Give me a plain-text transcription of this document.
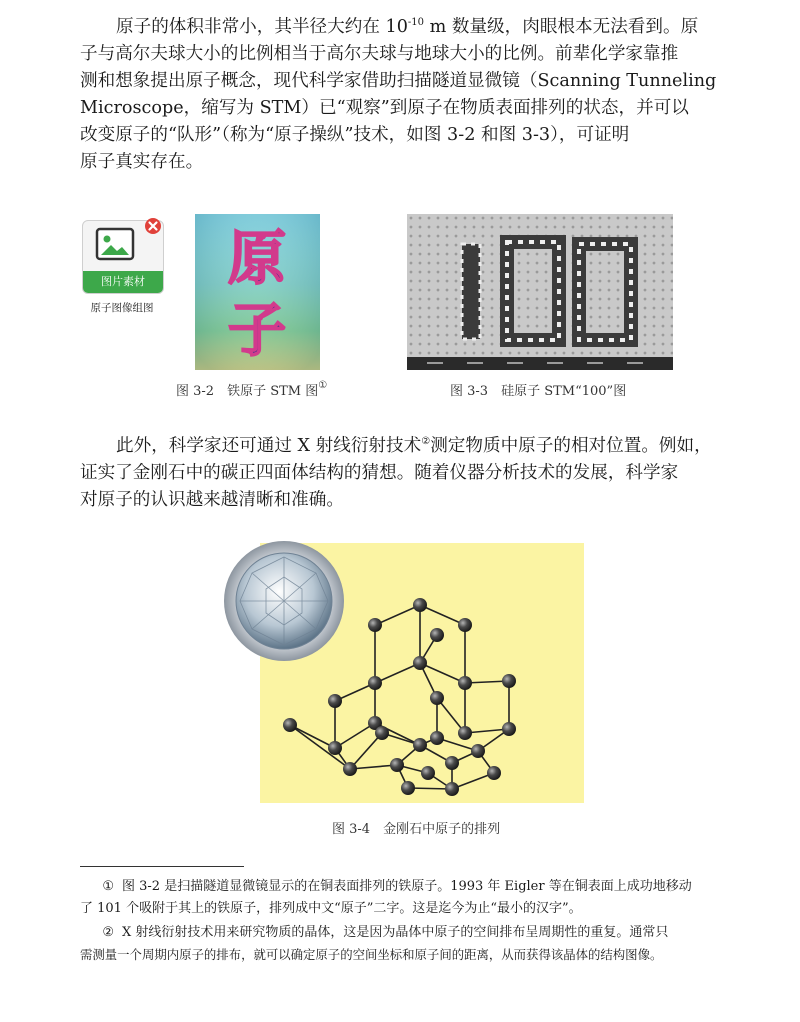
原子的体积非常小，其半径大约在 $10^{-10}$ m 数量级，肉眼根本无法看到。原
子与高尔夫球大小的比例相当于高尔夫球与地球大小的比例。前辈化学家靠推
测和想象提出原子概念，现代科学家借助扫描隧道显微镜（Scanning Tunneling
Microscope，缩写为 STM）已“观察”到原子在物质表面排列的状态，并可以
改变原子的“队形”（称为“原子操纵”技术，如图 3-2 和图 3-3），可证明
原子真实存在。
图片素材
原子图像组图
原
子
图 3-2　铁原子 STM 图①	图 3-3　硅原子 STM“100”图
此外，科学家还可通过 X 射线衍射技术②测定物质中原子的相对位置。例如，
证实了金刚石中的碳正四面体结构的猜想。随着仪器分析技术的发展，科学家
对原子的认识越来越清晰和准确。
图 3-4　金刚石中原子的排列
① 图 3-2 是扫描隧道显微镜显示的在铜表面排列的铁原子。1993 年 Eigler 等在铜表面上成功地移动
了 101 个吸附于其上的铁原子，排列成中文“原子”二字。这是迄今为止“最小的汉字”。
② X 射线衍射技术用来研究物质的晶体，这是因为晶体中原子的空间排布呈周期性的重复。通常只
需测量一个周期内原子的排布，就可以确定原子的空间坐标和原子间的距离，从而获得该晶体的结构图像。
